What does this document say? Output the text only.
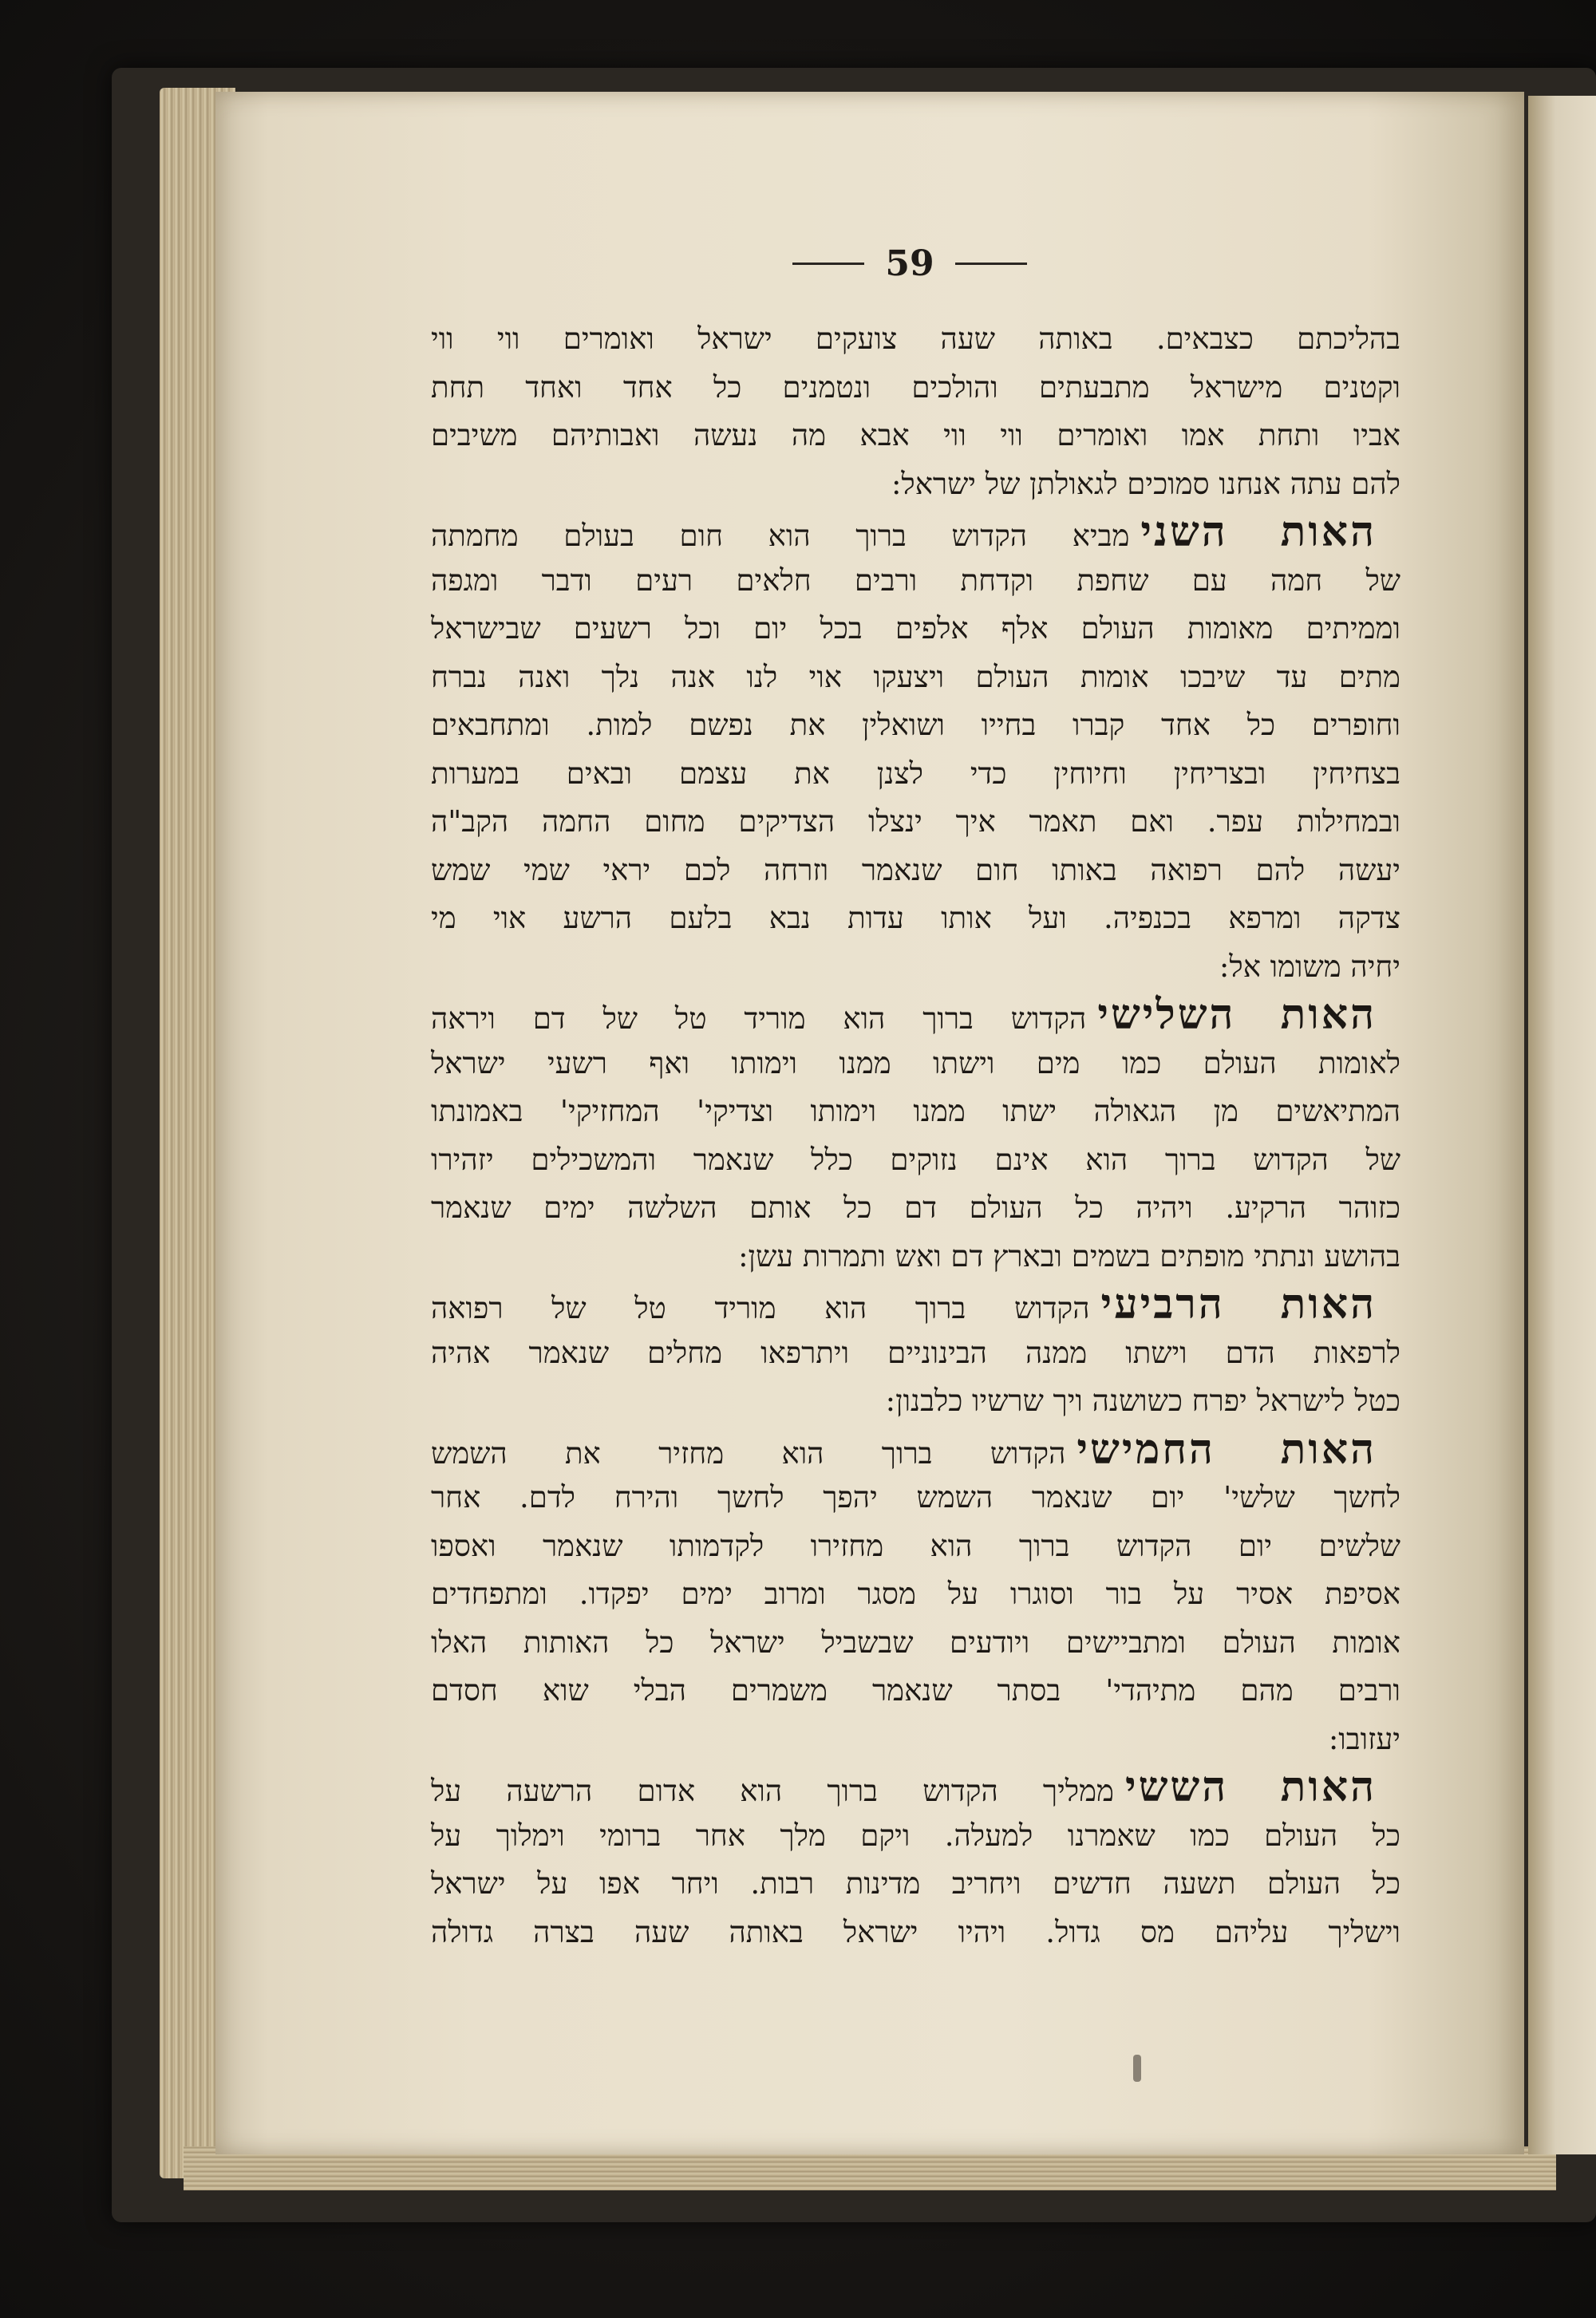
59
בהליכתם כצבאים. באותה שעה צועקים ישראל ואומרים ווי ווי
וקטנים מישראל מתבעתים והולכים ונטמנים כל אחד ואחד תחת
אביו ותחת אמו ואומרים ווי ווי אבא מה נעשה ואבותיהם משיבים
להם עתה אנחנו סמוכים לגאולתן של ישראל:
האות השנימביא הקדוש ברוך הוא חום בעולם מחמתה
של חמה עם שחפת וקדחת ורבים חלאים רעים ודבר ומגפה
וממיתים מאומות העולם אלף אלפים בכל יום וכל רשעים שבישראל
מתים עד שיבכו אומות העולם ויצעקו אוי לנו אנה נלך ואנה נברח
וחופרים כל אחד קברו בחייו ושואלין את נפשם למות. ומתחבאים
בצחיחין ובצריחין וחיוחין כדי לצנן את עצמם ובאים במערות
ובמחילות עפר. ואם תאמר איך ינצלו הצדיקים מחום החמה הקב"ה
יעשה להם רפואה באותו חום שנאמר וזרחה לכם יראי שמי שמש
צדקה ומרפא בכנפיה. ועל אותו עדות נבא בלעם הרשע אוי מי
יחיה משומו אל:
האות השלישיהקדוש ברוך הוא מוריד טל של דם ויראה
לאומות העולם כמו מים וישתו ממנו וימותו ואף רשעי ישראל
המתיאשים מן הגאולה ישתו ממנו וימותו וצדיקי' המחזיקי' באמונתו
של הקדוש ברוך הוא אינם נזוקים כלל שנאמר והמשכילים יזהירו
כזוהר הרקיע. ויהיה כל העולם דם כל אותם השלשה ימים שנאמר
בהושע ונתתי מופתים בשמים ובארץ דם ואש ותמרות עשן:
האות הרביעיהקדוש ברוך הוא מוריד טל של רפואה
לרפאות הדם וישתו ממנה הבינוניים ויתרפאו מחלים שנאמר אהיה
כטל לישראל יפרח כשושנה ויך שרשיו כלבנון:
האות החמישיהקדוש ברוך הוא מחזיר את השמש
לחשך שלשי' יום שנאמר השמש יהפך לחשך והירח לדם. אחר
שלשים יום הקדוש ברוך הוא מחזירו לקדמותו שנאמר ואספו
אסיפת אסיר על בור וסוגרו על מסגר ומרוב ימים יפקדו. ומתפחדים
אומות העולם ומתביישים ויודעים שבשביל ישראל כל האותות האלו
ורבים מהם מתיהדי' בסתר שנאמר משמרים הבלי שוא חסדם
יעזובו:
האות הששיממליך הקדוש ברוך הוא אדום הרשעה על
כל העולם כמו שאמרנו למעלה. ויקם מלך אחר ברומי וימלוך על
כל העולם תשעה חדשים ויחריב מדינות רבות. ויחר אפו על ישראל
וישליך עליהם מס גדול. ויהיו ישראל באותה שעה בצרה גדולה
